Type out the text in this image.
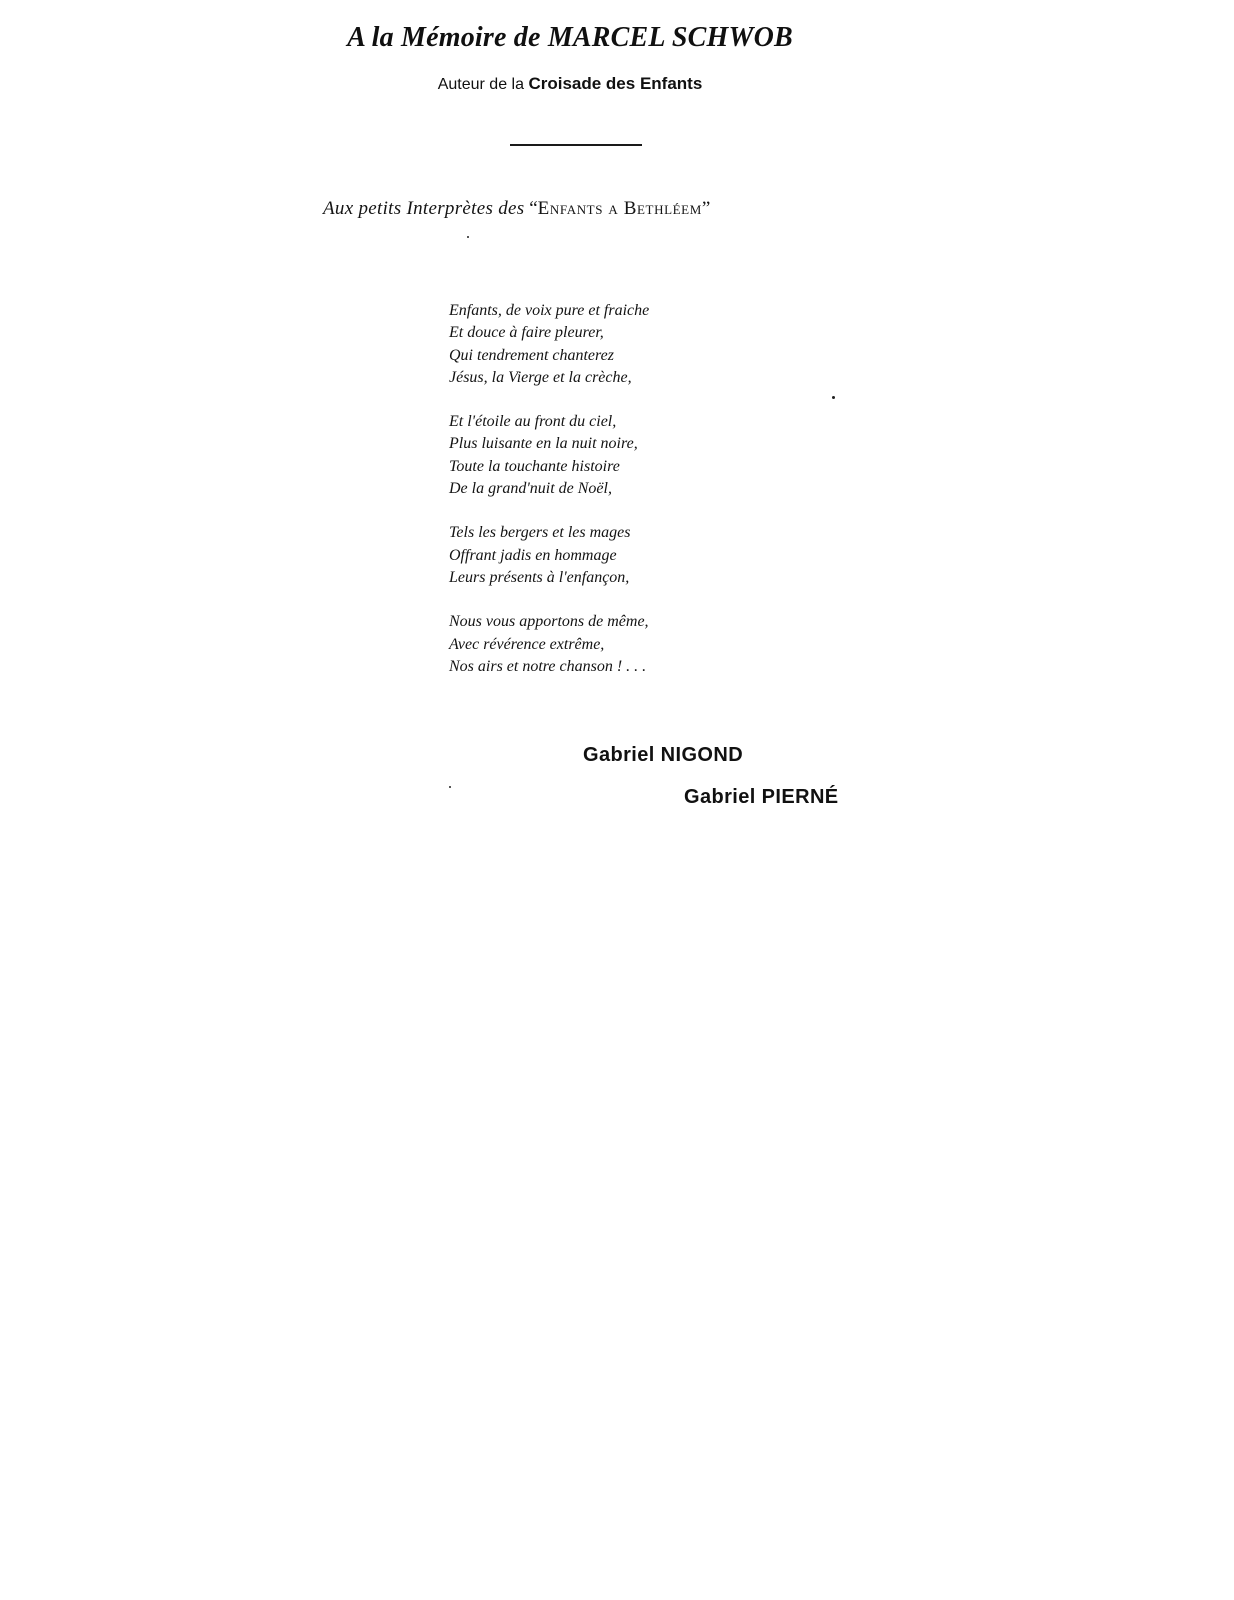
A la Mémoire de MARCEL SCHWOB
Auteur de la Croisade des Enfants
Aux petits Interprètes des “Enfants a Bethléem”
Enfants, de voix pure et fraiche
Et douce à faire pleurer,
Qui tendrement chanterez
Jésus, la Vierge et la crèche,
Et l'étoile au front du ciel,
Plus luisante en la nuit noire,
Toute la touchante histoire
De la grand'nuit de Noël,
Tels les bergers et les mages
Offrant jadis en hommage
Leurs présents à l'enfançon,
Nous vous apportons de même,
Avec révérence extrême,
Nos airs et notre chanson ! . . .
Gabriel NIGOND
Gabriel PIERNÉ
